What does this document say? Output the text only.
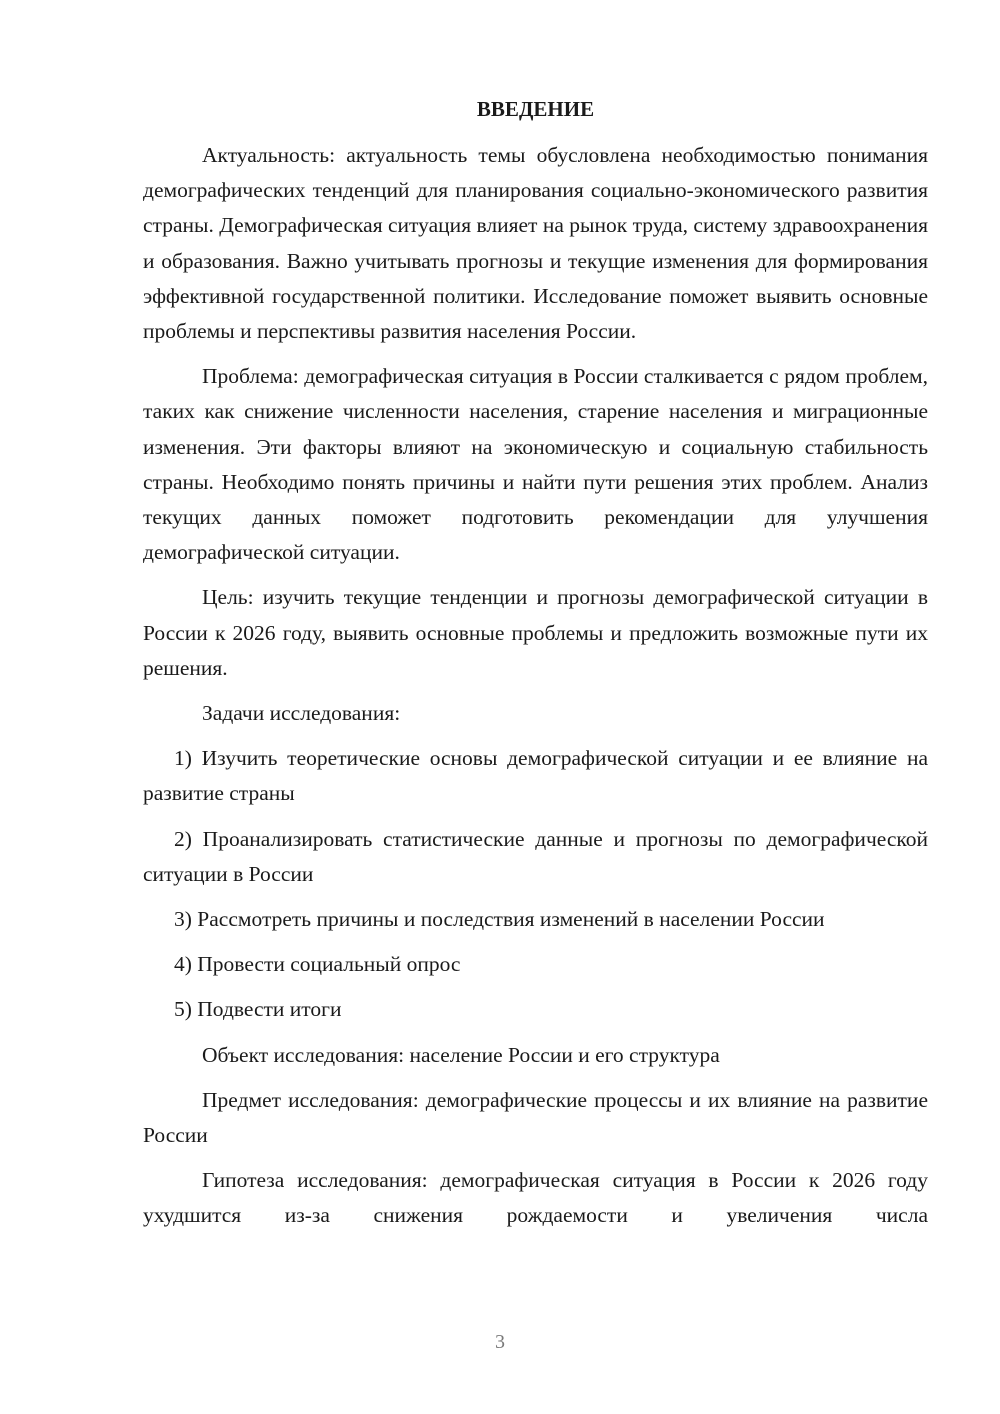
ВВЕДЕНИЕ

Актуальность: актуальность темы обусловлена необходимостью понимания демографических тенденций для планирования социально-экономического развития страны. Демографическая ситуация влияет на рынок труда, систему здравоохранения и образования. Важно учитывать прогнозы и текущие изменения для формирования эффективной государственной политики. Исследование поможет выявить основные проблемы и перспективы развития населения России.

Проблема: демографическая ситуация в России сталкивается с рядом проблем, таких как снижение численности населения, старение населения и миграционные изменения. Эти факторы влияют на экономическую и социальную стабильность страны. Необходимо понять причины и найти пути решения этих проблем. Анализ текущих данных поможет подготовить рекомендации для улучшения демографической ситуации.

Цель: изучить текущие тенденции и прогнозы демографической ситуации в России к 2026 году, выявить основные проблемы и предложить возможные пути их решения.

Задачи исследования:

1) Изучить теоретические основы демографической ситуации и ее влияние на развитие страны

2) Проанализировать статистические данные и прогнозы по демографической ситуации в России

3) Рассмотреть причины и последствия изменений в населении России

4) Провести социальный опрос

5) Подвести итоги

Объект исследования: население России и его структура

Предмет исследования: демографические процессы и их влияние на развитие России

Гипотеза исследования: демографическая ситуация в России к 2026 году ухудшится из-за снижения рождаемости и увеличения числа

3
